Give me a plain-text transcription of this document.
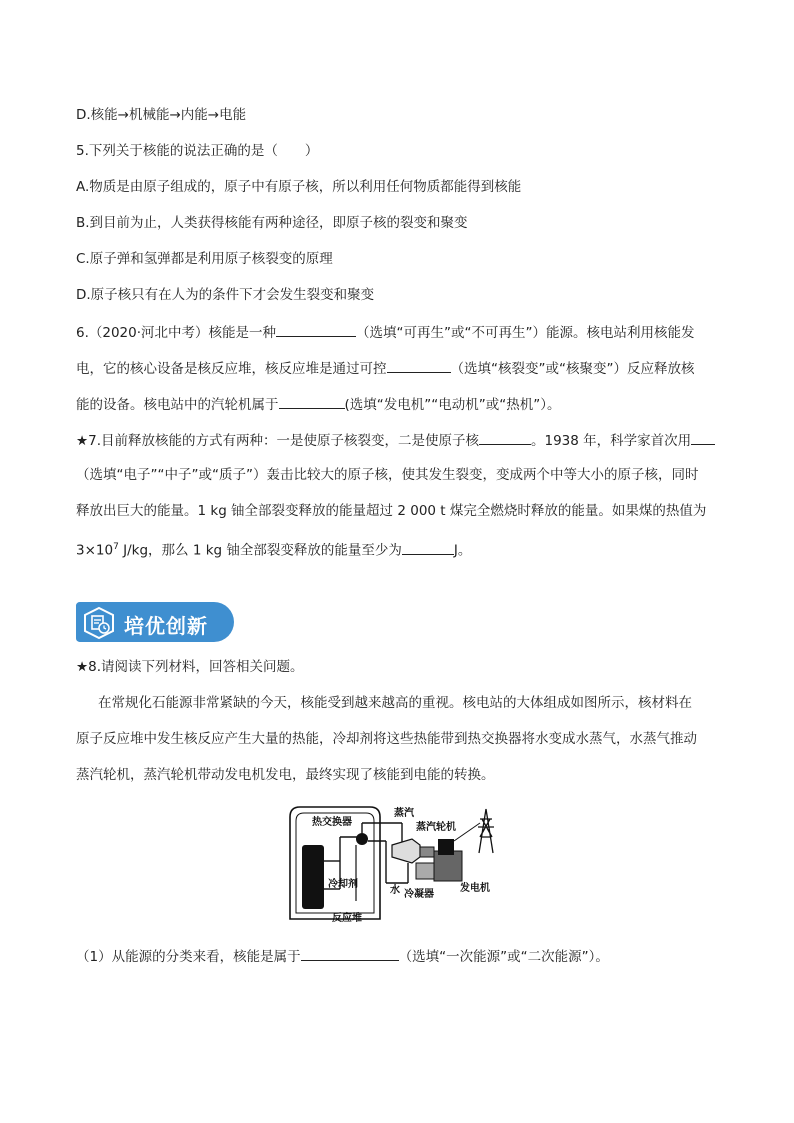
D.核能→机械能→内能→电能
5.下列关于核能的说法正确的是（　　）
A.物质是由原子组成的，原子中有原子核，所以利用任何物质都能得到核能
B.到目前为止，人类获得核能有两种途径，即原子核的裂变和聚变
C.原子弹和氢弹都是利用原子核裂变的原理
D.原子核只有在人为的条件下才会发生裂变和聚变
6.（2020·河北中考）核能是一种	（选填“可再生”或“不可再生”）能源。核电站利用核能发
电，它的核心设备是核反应堆，核反应堆是通过可控	（选填“核裂变”或“核聚变”）反应释放核
能的设备。核电站中的汽轮机属于	(选填“发电机”“电动机”或“热机”）。
★7.目前释放核能的方式有两种：一是使原子核裂变，二是使原子核	。1938 年，科学家首次用
（选填“电子”“中子”或“质子”）轰击比较大的原子核，使其发生裂变，变成两个中等大小的原子核，同时
释放出巨大的能量。1 kg 铀全部裂变释放的能量超过 2 000 t 煤完全燃烧时释放的能量。如果煤的热值为
$3\times 10^7$ J/kg，那么 1 kg 铀全部裂变释放的能量至少为	J。
培优创新
★8.请阅读下列材料，回答相关问题。
在常规化石能源非常紧缺的今天，核能受到越来越高的重视。核电站的大体组成如图所示，核材料在
原子反应堆中发生核反应产生大量的热能，冷却剂将这些热能带到热交换器将水变成水蒸气，水蒸气推动
蒸汽轮机，蒸汽轮机带动发电机发电，最终实现了核能到电能的转换。
热交换器
蒸汽
蒸汽轮机
冷却剂
水 冷凝器
发电机
反应堆
（1）从能源的分类来看，核能是属于	（选填“一次能源”或“二次能源”）。
